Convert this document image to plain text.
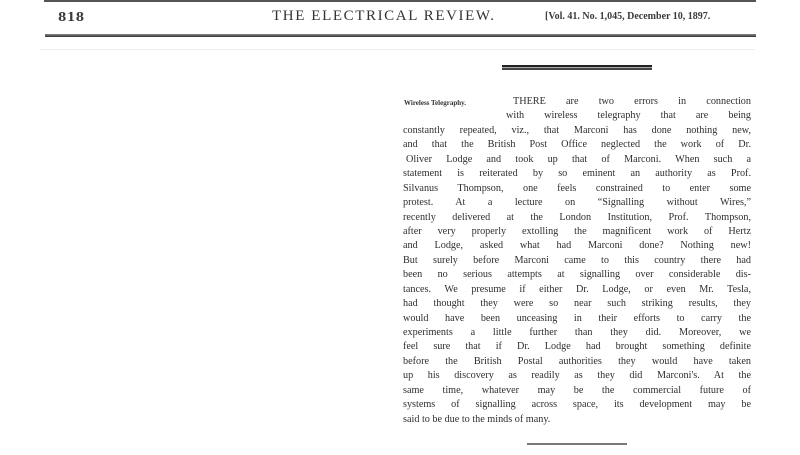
818	THE ELECTRICAL REVIEW.	[Vol. 41. No. 1,045, December 10, 1897.
Wireless Telegraphy.	THERE are two errors in connection
with wireless telegraphy that are being
constantly repeated, viz., that Marconi has done nothing new,
and that the British Post Office neglected the work of Dr.
Oliver Lodge and took up that of Marconi. When such a
statement is reiterated by so eminent an authority as Prof.
Silvanus Thompson, one feels constrained to enter some
protest. At a lecture on “Signalling without Wires,”
recently delivered at the London Institution, Prof. Thompson,
after very properly extolling the magnificent work of Hertz
and Lodge, asked what had Marconi done? Nothing new!
But surely before Marconi came to this country there had
been no serious attempts at signalling over considerable dis-
tances. We presume if either Dr. Lodge, or even Mr. Tesla,
had thought they were so near such striking results, they
would have been unceasing in their efforts to carry the
experiments a little further than they did. Moreover, we
feel sure that if Dr. Lodge had brought something definite
before the British Postal authorities they would have taken
up his discovery as readily as they did Marconi's. At the
same time, whatever may be the commercial future of
systems of signalling across space, its development may be
said to be due to the minds of many.
